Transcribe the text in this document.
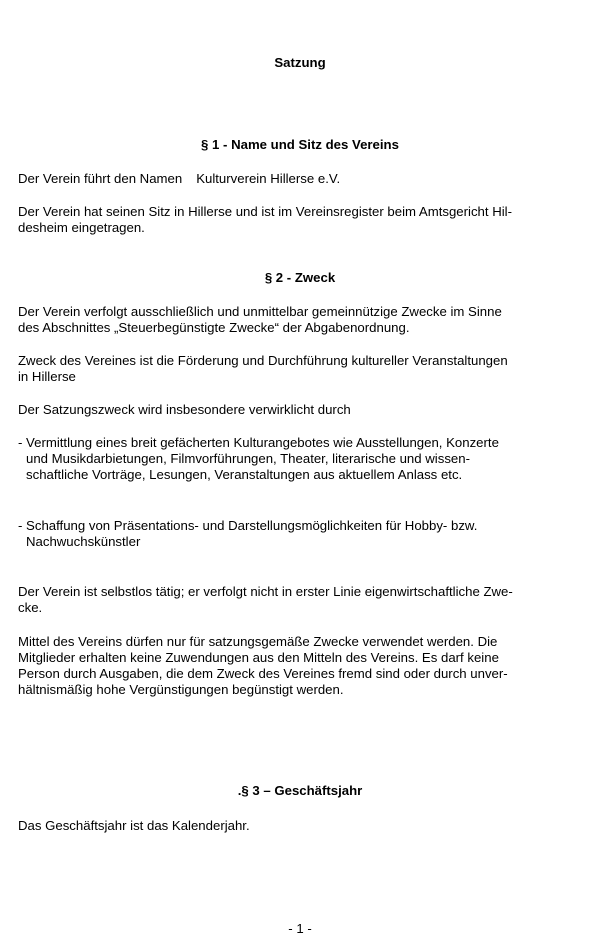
Satzung

§ 1 - Name und Sitz des Vereins

Der Verein führt den Namen Kulturverein Hillerse e.V.

Der Verein hat seinen Sitz in Hillerse und ist im Vereinsregister beim Amtsgericht Hil-

desheim eingetragen.

§ 2 - Zweck

Der Verein verfolgt ausschließlich und unmittelbar gemeinnützige Zwecke im Sinne

des Abschnittes „Steuerbegünstigte Zwecke“ der Abgabenordnung.

Zweck des Vereines ist die Förderung und Durchführung kultureller Veranstaltungen

in Hillerse

Der Satzungszweck wird insbesondere verwirklicht durch

- Vermittlung eines breit gefächerten Kulturangebotes wie Ausstellungen, Konzerte
und Musikdarbietungen, Filmvorführungen, Theater, literarische und wissen-
schaftliche Vorträge, Lesungen, Veranstaltungen aus aktuellem Anlass etc.
- Schaffung von Präsentations- und Darstellungsmöglichkeiten für Hobby- bzw.
Nachwuchskünstler

Der Verein ist selbstlos tätig; er verfolgt nicht in erster Linie eigenwirtschaftliche Zwe-

cke.

Mittel des Vereins dürfen nur für satzungsgemäße Zwecke verwendet werden. Die

Mitglieder erhalten keine Zuwendungen aus den Mitteln des Vereins. Es darf keine

Person durch Ausgaben, die dem Zweck des Vereines fremd sind oder durch unver-

hältnismäßig hohe Vergünstigungen begünstigt werden.

.§ 3 – Geschäftsjahr

Das Geschäftsjahr ist das Kalenderjahr.

- 1 -
